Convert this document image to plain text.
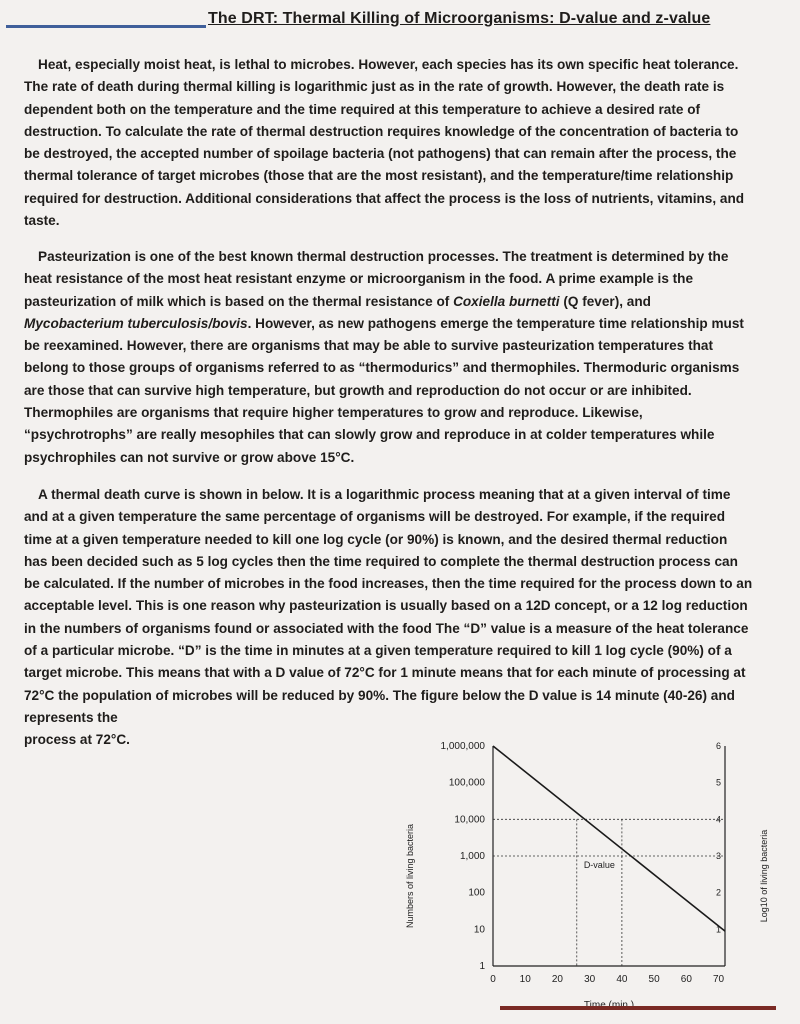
The DRT: Thermal Killing of Microorganisms: D-value and z-value
Heat, especially moist heat, is lethal to microbes. However, each species has its own specific heat tolerance. The rate of death during thermal killing is logarithmic just as in the rate of growth. However, the death rate is dependent both on the temperature and the time required at this temperature to achieve a desired rate of destruction. To calculate the rate of thermal destruction requires knowledge of the concentration of bacteria to be destroyed, the accepted number of spoilage bacteria (not pathogens) that can remain after the process, the thermal tolerance of target microbes (those that are the most resistant), and the temperature/time relationship required for destruction. Additional considerations that affect the process is the loss of nutrients, vitamins, and taste.
Pasteurization is one of the best known thermal destruction processes. The treatment is determined by the heat resistance of the most heat resistant enzyme or microorganism in the food. A prime example is the pasteurization of milk which is based on the thermal resistance of Coxiella burnetti (Q fever), and Mycobacterium tuberculosis/bovis. However, as new pathogens emerge the temperature time relationship must be reexamined. However, there are organisms that may be able to survive pasteurization temperatures that belong to those groups of organisms referred to as “thermodurics” and thermophiles. Thermoduric organisms are those that can survive high temperature, but growth and reproduction do not occur or are inhibited. Thermophiles are organisms that require higher temperatures to grow and reproduce. Likewise, “psychrotrophs” are really mesophiles that can slowly grow and reproduce in at colder temperatures while psychrophiles can not survive or grow above 15°C.
A thermal death curve is shown in below. It is a logarithmic process meaning that at a given interval of time and at a given temperature the same percentage of organisms will be destroyed. For example, if the required time at a given temperature needed to kill one log cycle (or 90%) is known, and the desired thermal reduction has been decided such as 5 log cycles then the time required to complete the thermal destruction process can be calculated. If the number of microbes in the food increases, then the time required for the process down to an acceptable level. This is one reason why pasteurization is usually based on a 12D concept, or a 12 log reduction in the numbers of organisms found or associated with the food The “D” value is a measure of the heat tolerance of a particular microbe. “D” is the time in minutes at a given temperature required to kill 1 log cycle (90%) of a target microbe. This means that with a D value of 72°C for 1 minute means that for each minute of processing at 72°C the population of microbes will be reduced by 90%. The figure below the D value is 14 minute (40-26) and represents the
process at 72°C.	1,000,000
100,000
10,000
1,000
100
10
1
6
5
4
3
2
1
0 10 20 30 40 50 60 70
Numbers of living bacteria	Log10 of living bacteria
D-value
